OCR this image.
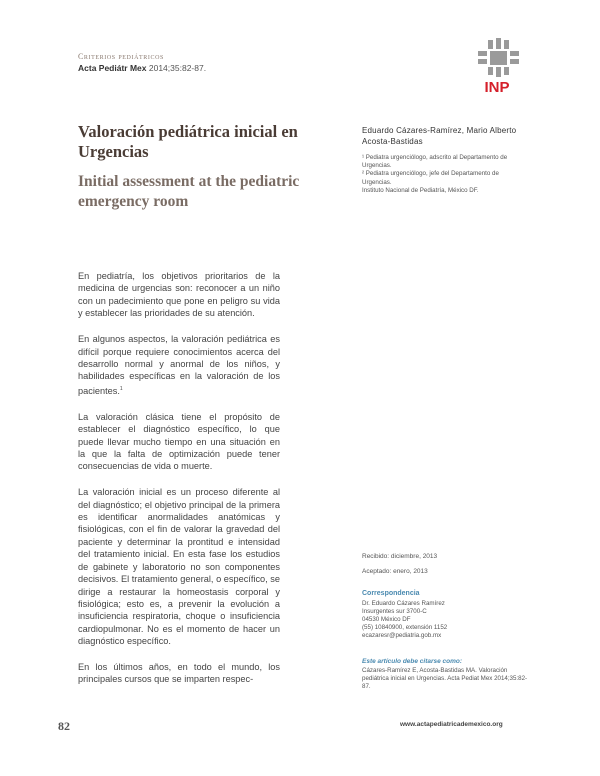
Criterios pediátricos
Acta Pediátr Mex 2014;35:82-87.
INP
Valoración pediátrica inicial en Urgencias
Initial assessment at the pediatric emergency room
Eduardo Cázares-Ramírez, Mario Alberto Acosta-Bastidas
¹ Pediatra urgenciólogo, adscrito al Departamento de Urgencias.
² Pediatra urgenciólogo, jefe del Departamento de Urgencias.
Instituto Nacional de Pediatría, México DF.

En pediatría, los objetivos prioritarios de la medicina de urgencias son: reconocer a un niño con un padecimiento que pone en peligro su vida y establecer las prioridades de su atención.

En algunos aspectos, la valoración pediátrica es difícil porque requiere conocimientos acerca del desarrollo normal y anormal de los niños, y habilidades específicas en la valoración de los pacientes.$^1$

La valoración clásica tiene el propósito de establecer el diagnóstico específico, lo que puede llevar mucho tiempo en una situación en la que la falta de optimización puede tener consecuencias de vida o muerte.

La valoración inicial es un proceso diferente al del diagnóstico; el objetivo principal de la primera es identificar anormalidades anatómicas y fisiológicas, con el fin de valorar la gravedad del paciente y determinar la prontitud e intensidad del tratamiento inicial. En esta fase los estudios de gabinete y laboratorio no son componentes decisivos. El tratamiento general, o específico, se dirige a restaurar la homeostasis corporal y fisiológica; esto es, a prevenir la evolución a insuficiencia respiratoria, choque o insuficiencia cardiopulmonar. No es el momento de hacer un diagnóstico específico.

En los últimos años, en todo el mundo, los principales cursos que se imparten respec-

Recibido: diciembre, 2013
Aceptado: enero, 2013
Correspondencia
Dr. Eduardo Cázares Ramírez
Insurgentes sur 3700-C
04530 México DF
(55) 10840900, extensión 1152
ecazaresr@pediatria.gob.mx
Este artículo debe citarse como:
Cázares-Ramírez E, Acosta-Bastidas MA. Valoración pediátrica inicial en Urgencias. Acta Pediat Mex 2014;35:82-87.
82	www.actapediatricademexico.org
